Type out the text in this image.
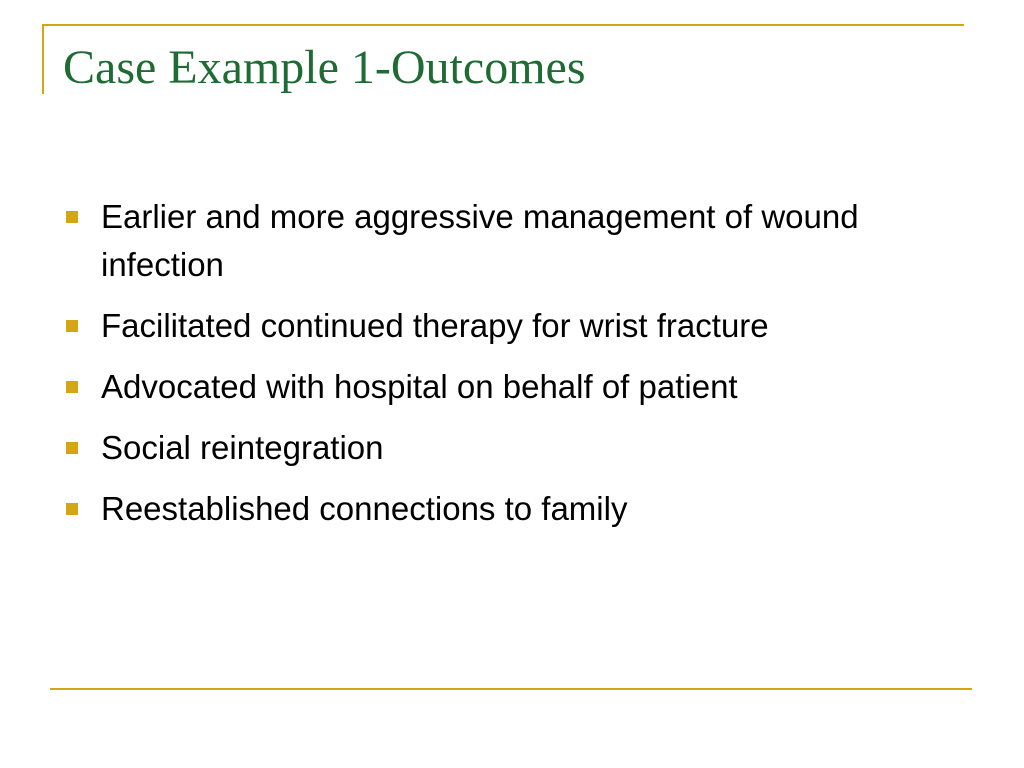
Case Example 1-Outcomes
Earlier and more aggressive management of wound infection
Facilitated continued therapy for wrist fracture
Advocated with hospital on behalf of patient
Social reintegration
Reestablished connections to family
